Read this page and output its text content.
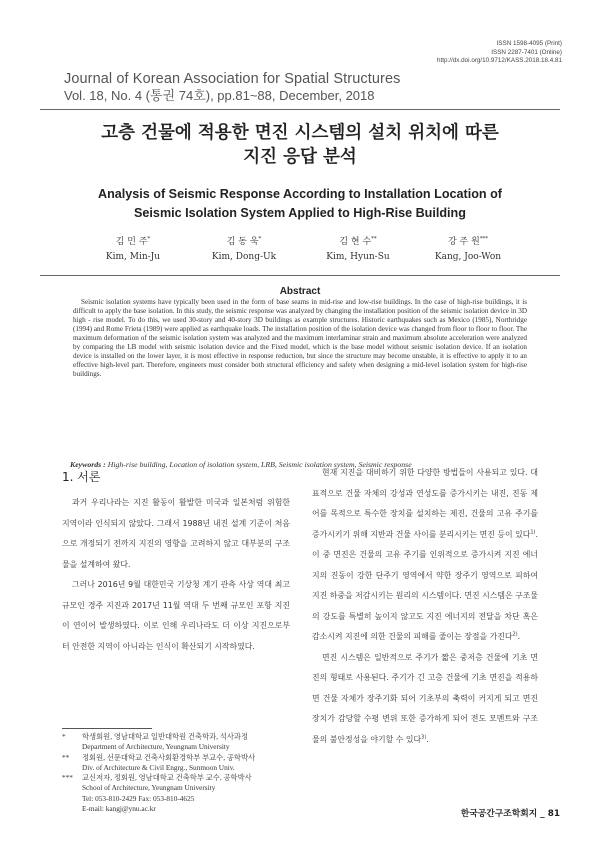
ISSN 1598-4095 (Print)
ISSN 2287-7401 (Online)
http://dx.doi.org/10.9712/KASS.2018.18.4.81
Journal of Korean Association for Spatial Structures
Vol. 18, No. 4 (통권 74호), pp.81~88, December, 2018
고층 건물에 적용한 면진 시스템의 설치 위치에 따른
지진 응답 분석
Analysis of Seismic Response According to Installation Location of
Seismic Isolation System Applied to High-Rise Building
김 민 주*
Kim, Min-Ju
김 동 욱*
Kim, Dong-Uk
김 현 수**
Kim, Hyun-Su
강 주 원***
Kang, Joo-Won
Abstract
Seismic isolation systems have typically been used in the form of base seams in mid-rise and low-rise buildings. In the case of high-rise buildings, it is difficult to apply the base isolation. In this study, the seismic response was analyzed by changing the installation position of the seismic isolation device in 3D high - rise model. To do this, we used 30-story and 40-story 3D buildings as example structures. Historic earthquakes such as Mexico (1985), Northridge (1994) and Rome Frieta (1989) were applied as earthquake loads. The installation position of the isolation device was changed from floor to floor to floor. The maximum deformation of the seismic isolation system was analyzed and the maximum interlaminar strain and maximum absolute acceleration were analyzed by comparing the LB model with seismic isolation device and the Fixed model, which is the base model without seismic isolation device. If an isolation device is installed on the lower layer, it is most effective in response reduction, but since the structure may become unstable, it is effective to apply it to an effective high-level part. Therefore, engineers must consider both structural efficiency and safety when designing a mid-level isolation system for high-rise buildings.
Keywords : High-rise building, Location of isolation system, LRB, Seismic isolation system, Seismic response
1. 서론

과거 우리나라는 지진 활동이 활발한 미국과 일본처럼 위험한 지역이라 인식되지 않았다. 그래서 1988년 내진 설계 기준이 처음으로 개정되기 전까지 지진의 영향을 고려하지 않고 대부분의 구조물을 설계하여 왔다.

그러나 2016년 9월 대한민국 기상청 계기 관측 사상 역대 최고 규모인 경주 지진과 2017년 11월 역대 두 번째 규모인 포항 지진이 연이어 발생하였다. 이로 인해 우리나라도 더 이상 지진으로부터 안전한 지역이 아니라는 인식이 확산되기 시작하였다.

현재 지진을 대비하기 위한 다양한 방법들이 사용되고 있다. 대표적으로 건물 자체의 강성과 연성도를 증가시키는 내진, 진동 제어를 목적으로 특수한 장치를 설치하는 제진, 건물의 고유 주기를 증가시키기 위해 지반과 건물 사이를 분리시키는 면진 등이 있다$^{1)}$. 이 중 면진은 건물의 고유 주기를 인위적으로 증가시켜 지진 에너지의 진동이 강한 단주기 영역에서 약한 장주기 영역으로 피하여 지진 하중을 저감시키는 원리의 시스템이다. 면진 시스템은 구조물의 강도를 특별히 높이지 않고도 지진 에너지의 전달을 차단 혹은 감소시켜 지진에 의한 건물의 피해를 줄이는 장점을 가진다$^{2)}$.

면진 시스템은 일반적으로 주기가 짧은 중저층 건물에 기초 면진의 형태로 사용된다. 주기가 긴 고층 건물에 기초 면진을 적용하면 건물 자체가 장주기화 되어 기초부의 축력이 커지게 되고 면진 장치가 감당할 수평 변위 또한 증가하게 되어 전도 모멘트와 구조물의 불안정성을 야기할 수 있다$^{3)}$.

*	학생회원, 영남대학교 일반대학원 건축학과, 석사과정
Department of Architecture, Yeungnam University
**	정회원, 선문대학교 건축사회환경학부 부교수, 공학박사
Div. of Architecture & Civil Engrg., Sunmoon Univ.
***	교신저자, 정회원, 영남대학교 건축학부 교수, 공학박사
School of Architecture, Yeungnam University
Tel: 053-810-2429 Fax: 053-810-4625
E-mail: kangj@ynu.ac.kr
한국공간구조학회지 _ 81
